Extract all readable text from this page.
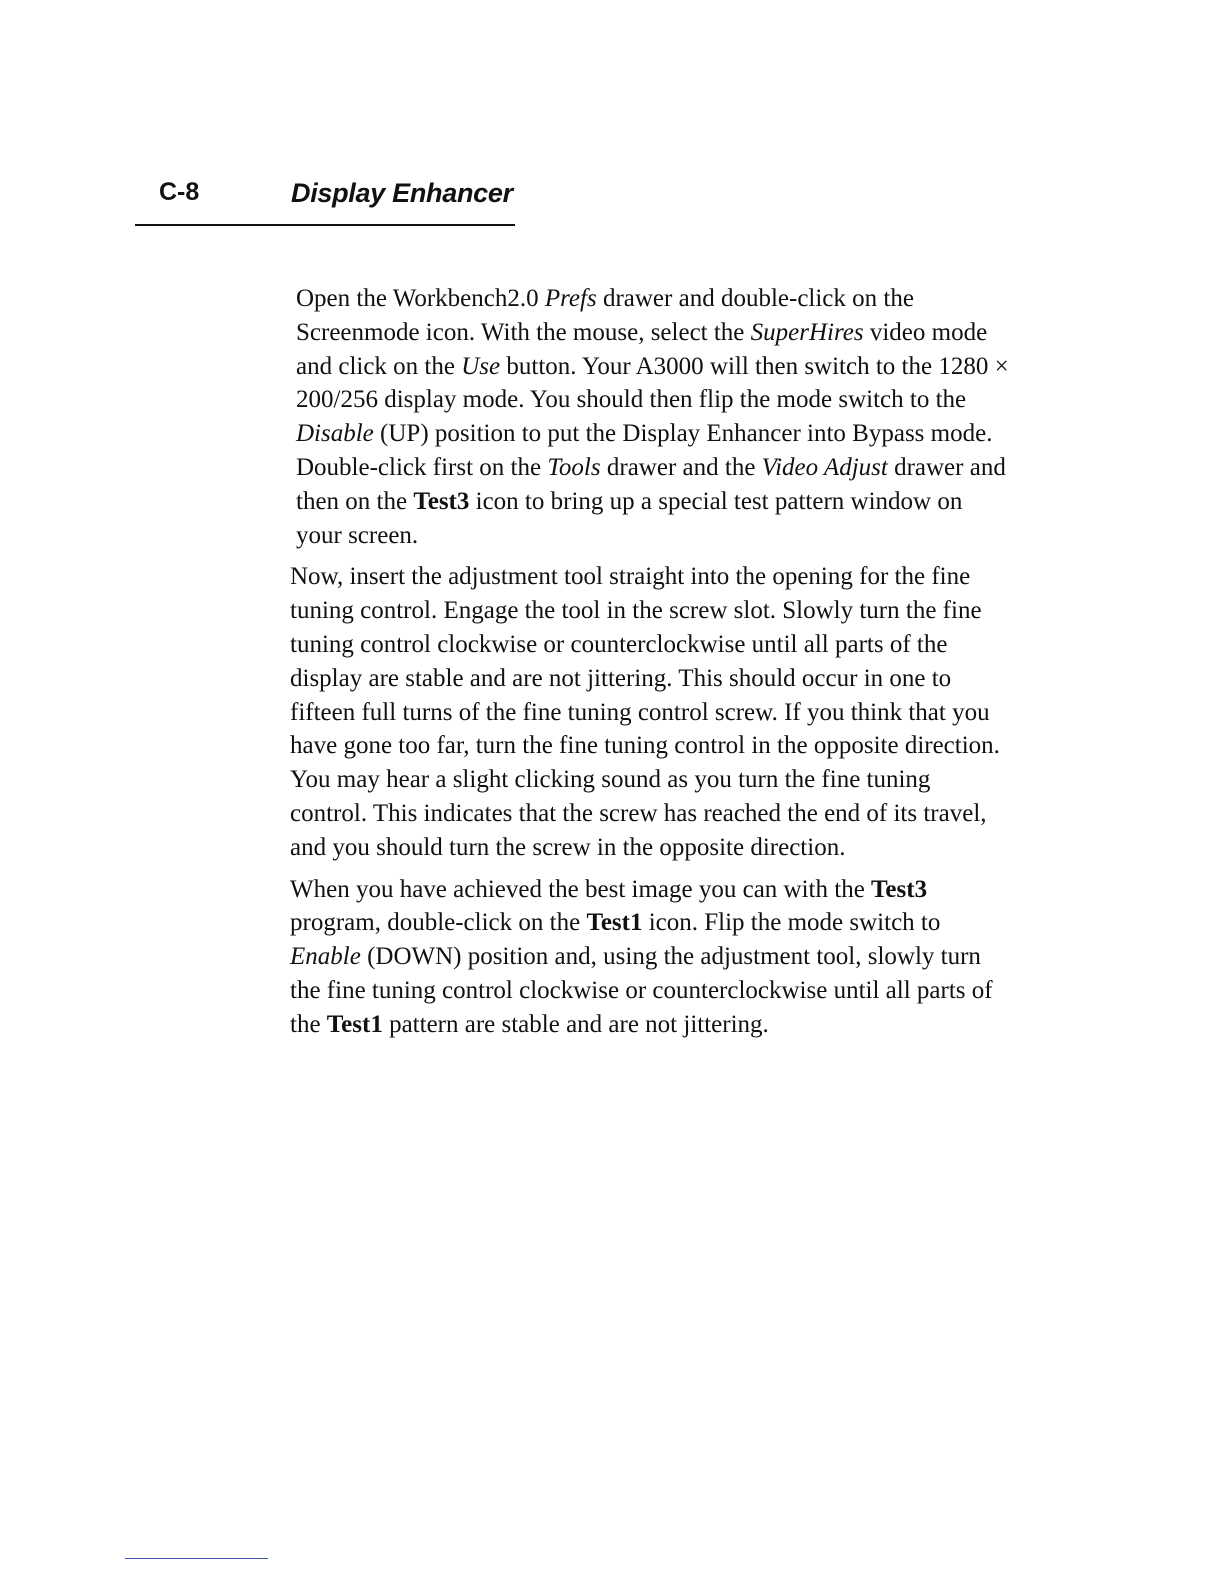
C-8	Display Enhancer

Open the Workbench2.0 Prefs drawer and double-click on the Screenmode icon. With the mouse, select the SuperHires video mode and click on the Use button. Your A3000 will then switch to the 1280 × 200/256 display mode. You should then flip the mode switch to the Disable (UP) position to put the Display Enhancer into Bypass mode. Double-click first on the Tools drawer and the Video Adjust drawer and then on the Test3 icon to bring up a special test pattern window on your screen.

Now, insert the adjustment tool straight into the opening for the fine tuning control. Engage the tool in the screw slot. Slowly turn the fine tuning control clockwise or counterclockwise until all parts of the display are stable and are not jittering. This should occur in one to fifteen full turns of the fine tuning control screw. If you think that you have gone too far, turn the fine tuning control in the opposite direction. You may hear a slight clicking sound as you turn the fine tuning control. This indicates that the screw has reached the end of its travel, and you should turn the screw in the opposite direction.

When you have achieved the best image you can with the Test3 program, double-click on the Test1 icon. Flip the mode switch to Enable (DOWN) position and, using the adjustment tool, slowly turn the fine tuning control clockwise or counterclockwise until all parts of the Test1 pattern are stable and are not jittering.
